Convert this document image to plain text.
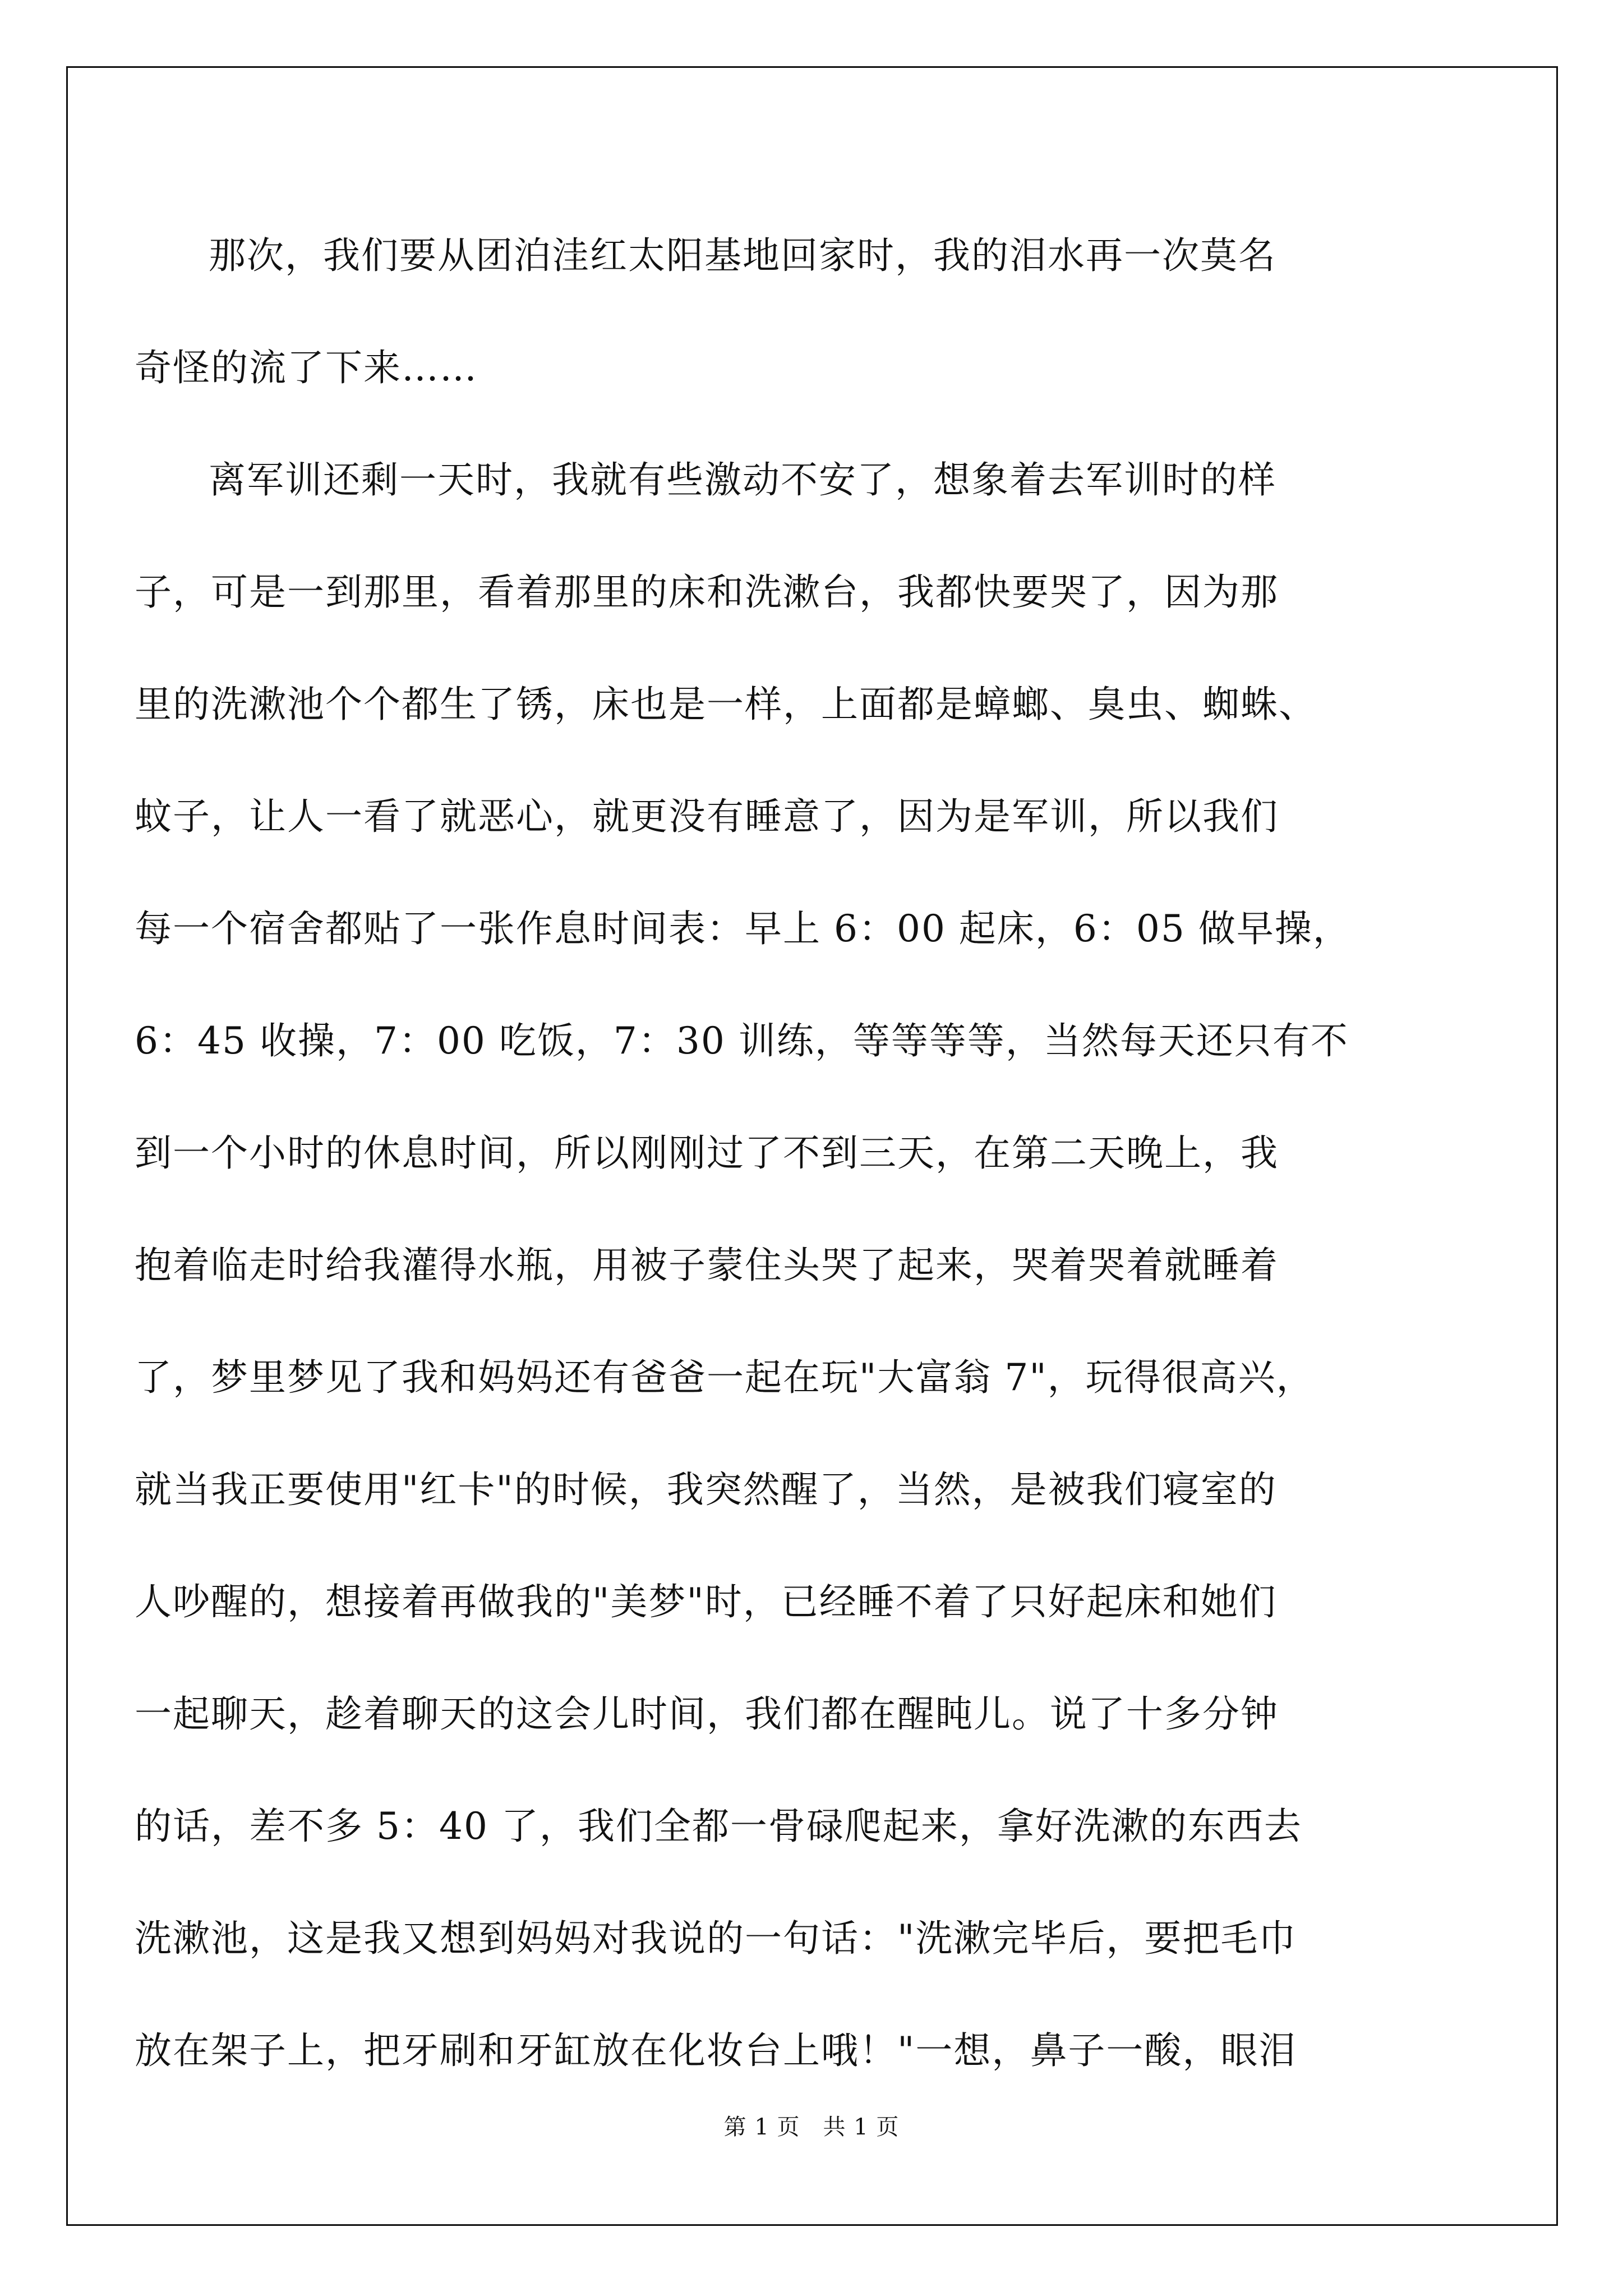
那次，我们要从团泊洼红太阳基地回家时，我的泪水再一次莫名
奇怪的流了下来……
离军训还剩一天时，我就有些激动不安了，想象着去军训时的样
子，可是一到那里，看着那里的床和洗漱台，我都快要哭了，因为那
里的洗漱池个个都生了锈，床也是一样，上面都是蟑螂、臭虫、蜘蛛、
蚊子，让人一看了就恶心，就更没有睡意了，因为是军训，所以我们
每一个宿舍都贴了一张作息时间表：早上 6：00 起床，6：05 做早操，
6：45 收操，7：00 吃饭，7：30 训练，等等等等，当然每天还只有不
到一个小时的休息时间，所以刚刚过了不到三天，在第二天晚上，我
抱着临走时给我灌得水瓶，用被子蒙住头哭了起来，哭着哭着就睡着
了，梦里梦见了我和妈妈还有爸爸一起在玩"大富翁 7"，玩得很高兴，
就当我正要使用"红卡"的时候，我突然醒了，当然，是被我们寝室的
人吵醒的，想接着再做我的"美梦"时，已经睡不着了只好起床和她们
一起聊天，趁着聊天的这会儿时间，我们都在醒盹儿。说了十多分钟
的话，差不多 5：40 了，我们全都一骨碌爬起来，拿好洗漱的东西去
洗漱池，这是我又想到妈妈对我说的一句话："洗漱完毕后，要把毛巾
放在架子上，把牙刷和牙缸放在化妆台上哦！"一想，鼻子一酸，眼泪
第 1 页　共 1 页
